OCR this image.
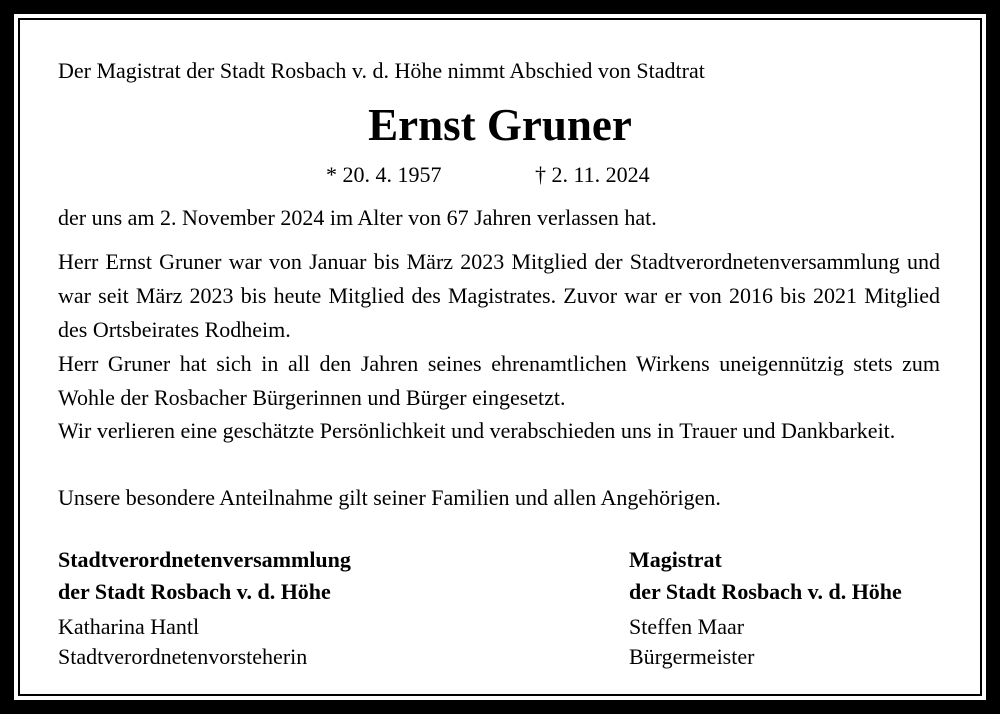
Der Magistrat der Stadt Rosbach v. d. Höhe nimmt Abschied von Stadtrat
Ernst Gruner
* 20. 4. 1957	† 2. 11. 2024
der uns am 2. November 2024 im Alter von 67 Jahren verlassen hat.
Herr Ernst Gruner war von Januar bis März 2023 Mitglied der Stadtverordnetenversammlung und war seit März 2023 bis heute Mitglied des Magistrates. Zuvor war er von 2016 bis 2021 Mitglied des Ortsbeirates Rodheim.
Herr Gruner hat sich in all den Jahren seines ehrenamtlichen Wirkens uneigennützig stets zum Wohle der Rosbacher Bürgerinnen und Bürger eingesetzt.
Wir verlieren eine geschätzte Persönlichkeit und verabschieden uns in Trauer und Dankbarkeit.
Unsere besondere Anteilnahme gilt seiner Familien und allen Angehörigen.
Stadtverordnetenversammlung
der Stadt Rosbach v. d. Höhe
Katharina Hantl
Stadtverordnetenvorsteherin
Magistrat
der Stadt Rosbach v. d. Höhe
Steffen Maar
Bürgermeister
